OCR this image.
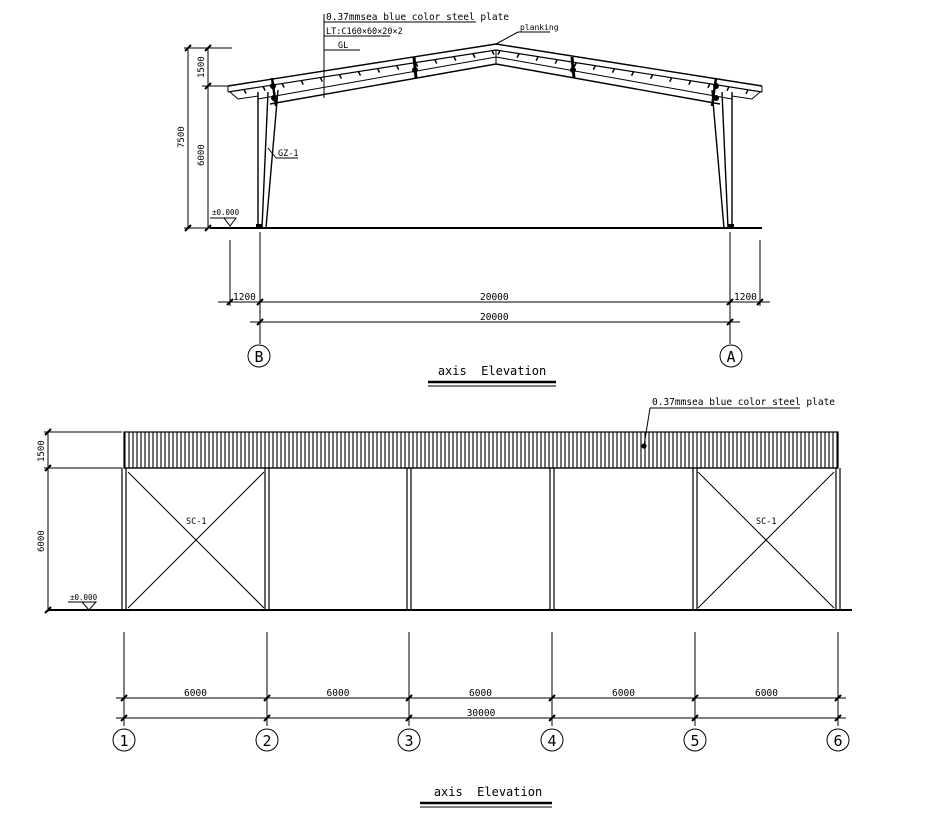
0.37mmsea blue color steel plate
LT:C160×60×20×2
GL
planking
GZ-1
±0.000
1500
7500
6000
1200	20000	1200
20000
B	A
axis  Elevation
SC-1	SC-1
0.37mmsea blue color steel plate
1500
6000
±0.000
30000
6000	6000	6000	6000	6000
axis  Elevation
1	2	3	4	5	6
